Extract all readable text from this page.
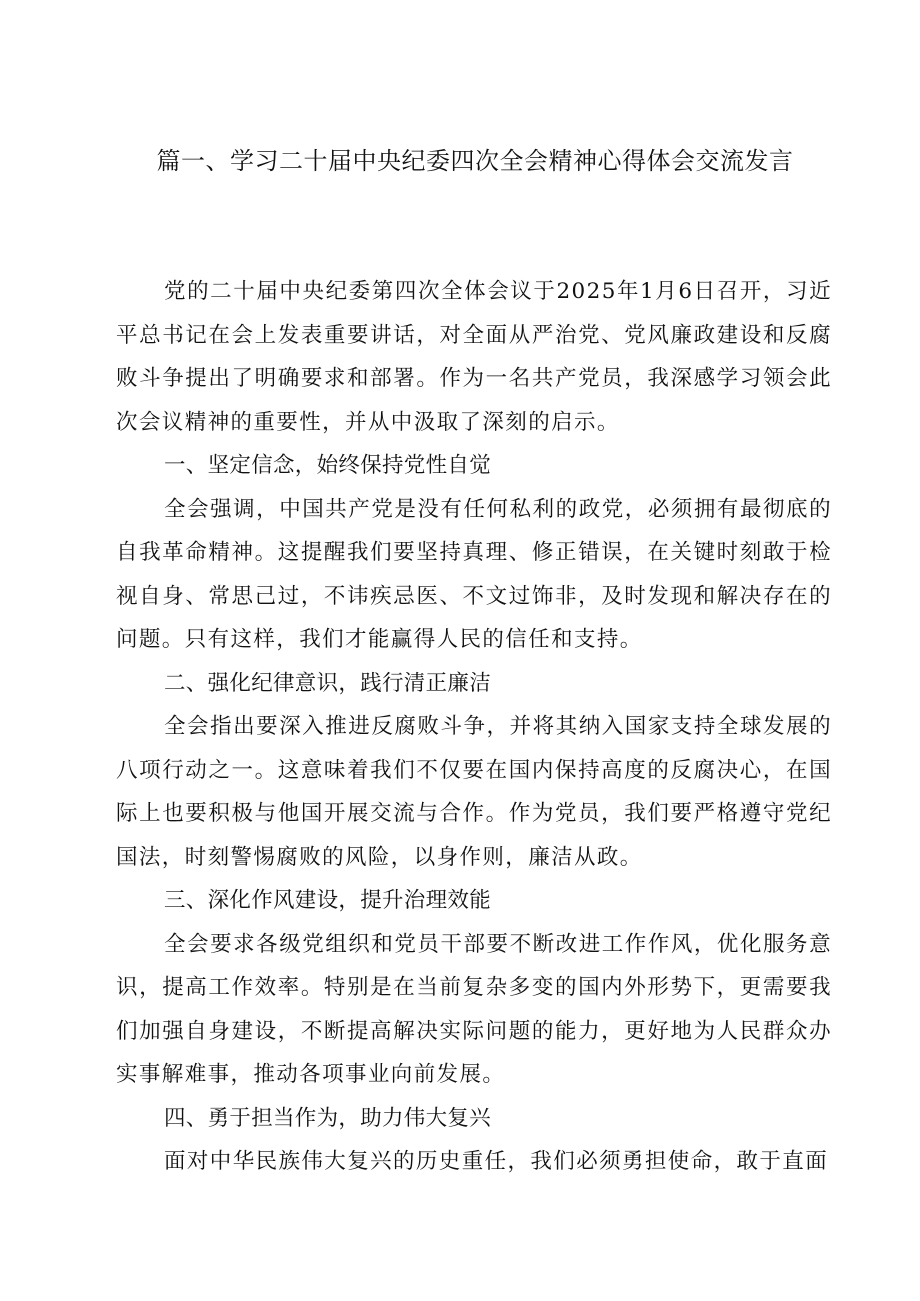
篇一、学习二十届中央纪委四次全会精神心得体会交流发言

党的二十届中央纪委第四次全体会议于2025年1月6日召开，习近平总书记在会上发表重要讲话，对全面从严治党、党风廉政建设和反腐败斗争提出了明确要求和部署。作为一名共产党员，我深感学习领会此次会议精神的重要性，并从中汲取了深刻的启示。

一、坚定信念，始终保持党性自觉

全会强调，中国共产党是没有任何私利的政党，必须拥有最彻底的自我革命精神。这提醒我们要坚持真理、修正错误，在关键时刻敢于检视自身、常思己过，不讳疾忌医、不文过饰非，及时发现和解决存在的问题。只有这样，我们才能赢得人民的信任和支持。

二、强化纪律意识，践行清正廉洁

全会指出要深入推进反腐败斗争，并将其纳入国家支持全球发展的八项行动之一。这意味着我们不仅要在国内保持高度的反腐决心，在国际上也要积极与他国开展交流与合作。作为党员，我们要严格遵守党纪国法，时刻警惕腐败的风险，以身作则，廉洁从政。

三、深化作风建设，提升治理效能

全会要求各级党组织和党员干部要不断改进工作作风，优化服务意识，提高工作效率。特别是在当前复杂多变的国内外形势下，更需要我们加强自身建设，不断提高解决实际问题的能力，更好地为人民群众办实事解难事，推动各项事业向前发展。

四、勇于担当作为，助力伟大复兴

面对中华民族伟大复兴的历史重任，我们必须勇担使命，敢于直面
